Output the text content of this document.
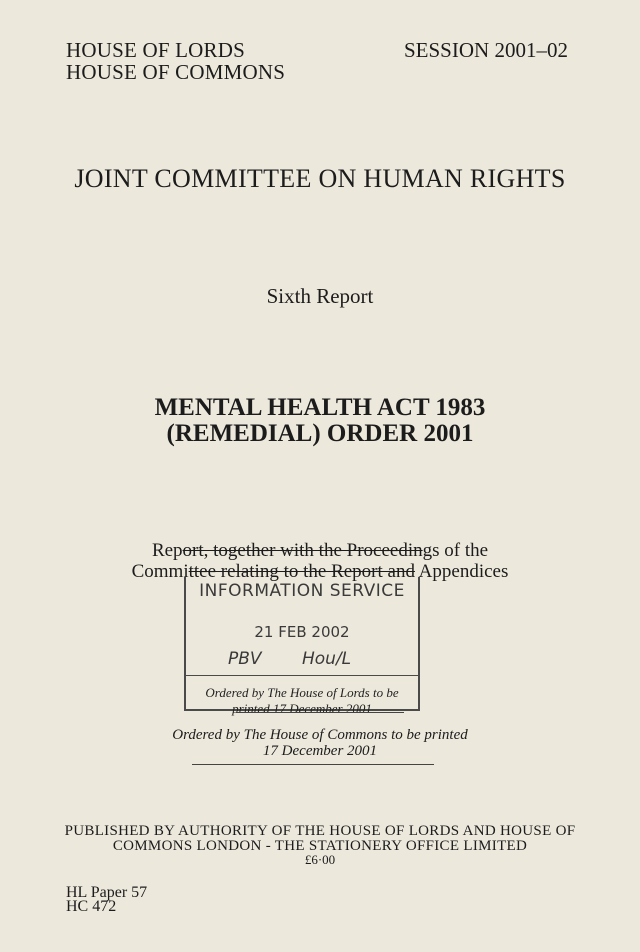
HOUSE OF LORDS
HOUSE OF COMMONS
SESSION 2001–02
JOINT COMMITTEE ON HUMAN RIGHTS
Sixth Report
MENTAL HEALTH ACT 1983
(REMEDIAL) ORDER 2001
Report, together with the Proceedings of the
Committee relating to the Report and Appendices
INFORMATION SERVICE
21 FEB 2002
PBV Hou/L
Ordered by The House of Lords to be printed 17 December 2001
Ordered by The House of Commons to be printed
17 December 2001
PUBLISHED BY AUTHORITY OF THE HOUSE OF LORDS AND HOUSE OF
COMMONS LONDON - THE STATIONERY OFFICE LIMITED
£6·00
HL Paper 57
HC 472
